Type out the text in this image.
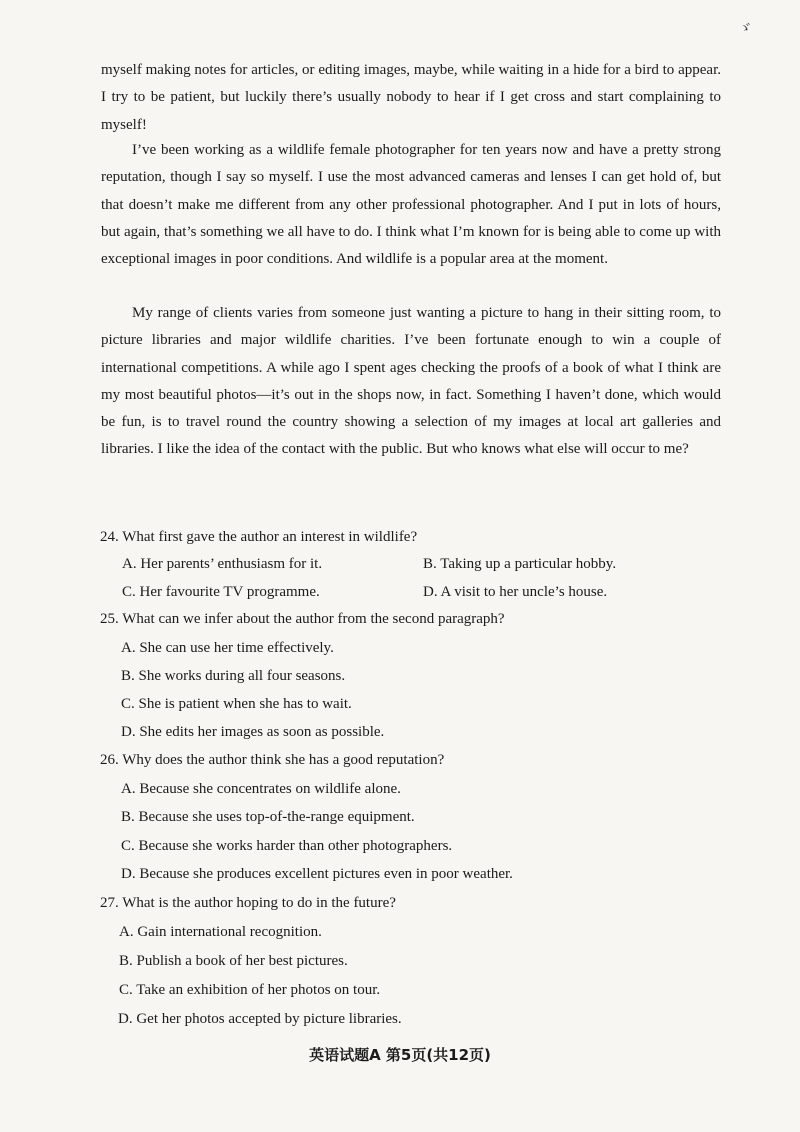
ゞ

myself making notes for articles, or editing images, maybe, while waiting in a hide for a bird to appear. I try to be patient, but luckily there’s usually nobody to hear if I get cross and start complaining to myself!

I’ve been working as a wildlife female photographer for ten years now and have a pretty strong reputation, though I say so myself. I use the most advanced cameras and lenses I can get hold of, but that doesn’t make me different from any other professional photographer. And I put in lots of hours, but again, that’s something we all have to do. I think what I’m known for is being able to come up with exceptional images in poor conditions. And wildlife is a popular area at the moment.

My range of clients varies from someone just wanting a picture to hang in their sitting room, to picture libraries and major wildlife charities. I’ve been fortunate enough to win a couple of international competitions. A while ago I spent ages checking the proofs of a book of what I think are my most beautiful photos—it’s out in the shops now, in fact. Something I haven’t done, which would be fun, is to travel round the country showing a selection of my images at local art galleries and libraries. I like the idea of the contact with the public. But who knows what else will occur to me?

24. What first gave the author an interest in wildlife?
A. Her parents’ enthusiasm for it.	B. Taking up a particular hobby.
C. Her favourite TV programme.	D. A visit to her uncle’s house.
25. What can we infer about the author from the second paragraph?
A. She can use her time effectively.
B. She works during all four seasons.
C. She is patient when she has to wait.
D. She edits her images as soon as possible.
26. Why does the author think she has a good reputation?
A. Because she concentrates on wildlife alone.
B. Because she uses top-of-the-range equipment.
C. Because she works harder than other photographers.
D. Because she produces excellent pictures even in poor weather.
27. What is the author hoping to do in the future?
A. Gain international recognition.
B. Publish a book of her best pictures.
C. Take an exhibition of her photos on tour.
D. Get her photos accepted by picture libraries.
英语试题A 第5页(共12页)
